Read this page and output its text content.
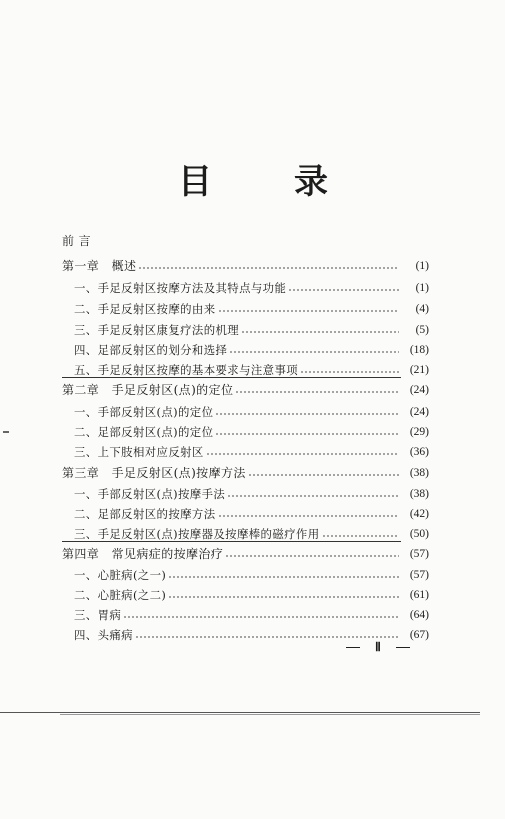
目 录
前 言
第一章　概述	(1)
一、手足反射区按摩方法及其特点与功能	(1)
二、手足反射区按摩的由来	(4)
三、手足反射区康复疗法的机理	(5)
四、足部反射区的划分和选择	(18)
五、手足反射区按摩的基本要求与注意事项	(21)
第二章　手足反射区(点)的定位	(24)
一、手部反射区(点)的定位	(24)
二、足部反射区(点)的定位	(29)
三、上下肢相对应反射区	(36)
第三章　手足反射区(点)按摩方法	(38)
一、手部反射区(点)按摩手法	(38)
二、足部反射区的按摩方法	(42)
三、手足反射区(点)按摩器及按摩棒的磁疗作用	(50)
第四章　常见病症的按摩治疗	(57)
一、心脏病(之一)	(57)
二、心脏病(之二)	(61)
三、胃病	(64)
四、头痛病	(67)
Ⅱ
